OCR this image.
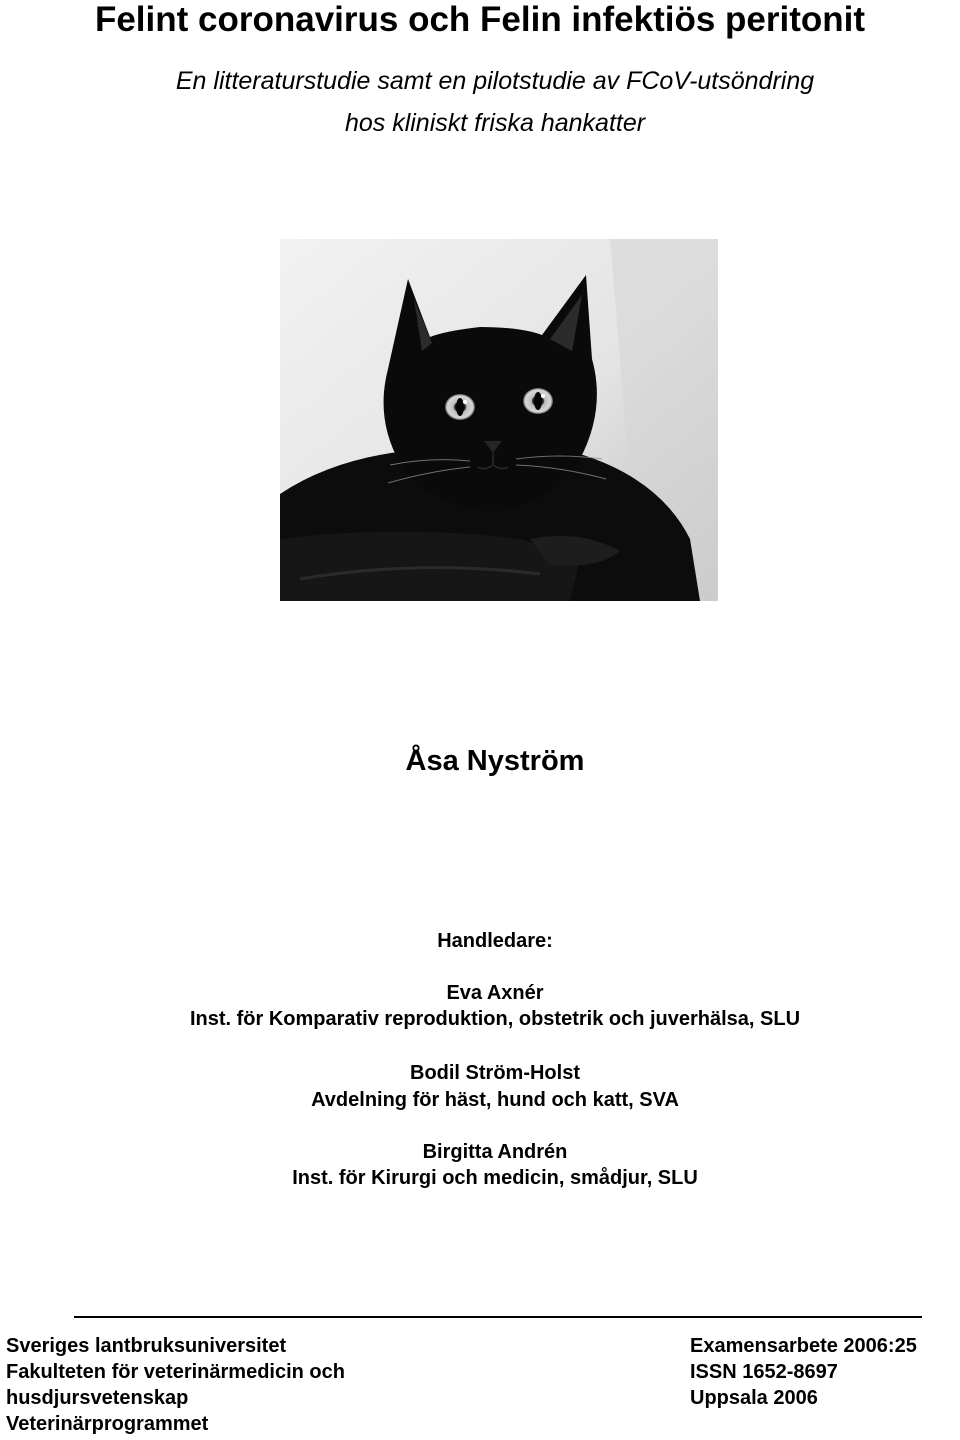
Felint coronavirus och Felin infektiös peritonit
En litteraturstudie samt en pilotstudie av FCoV-utsöndring
hos kliniskt friska hankatter
Åsa Nyström
Handledare:
Eva Axnér
Inst. för Komparativ reproduktion, obstetrik och juverhälsa, SLU
Bodil Ström-Holst
Avdelning för häst, hund och katt, SVA
Birgitta Andrén
Inst. för Kirurgi och medicin, smådjur, SLU
Sveriges lantbruksuniversitet
Fakulteten för veterinärmedicin och
husdjursvetenskap
Veterinärprogrammet
Examensarbete 2006:25
ISSN 1652-8697
Uppsala 2006
